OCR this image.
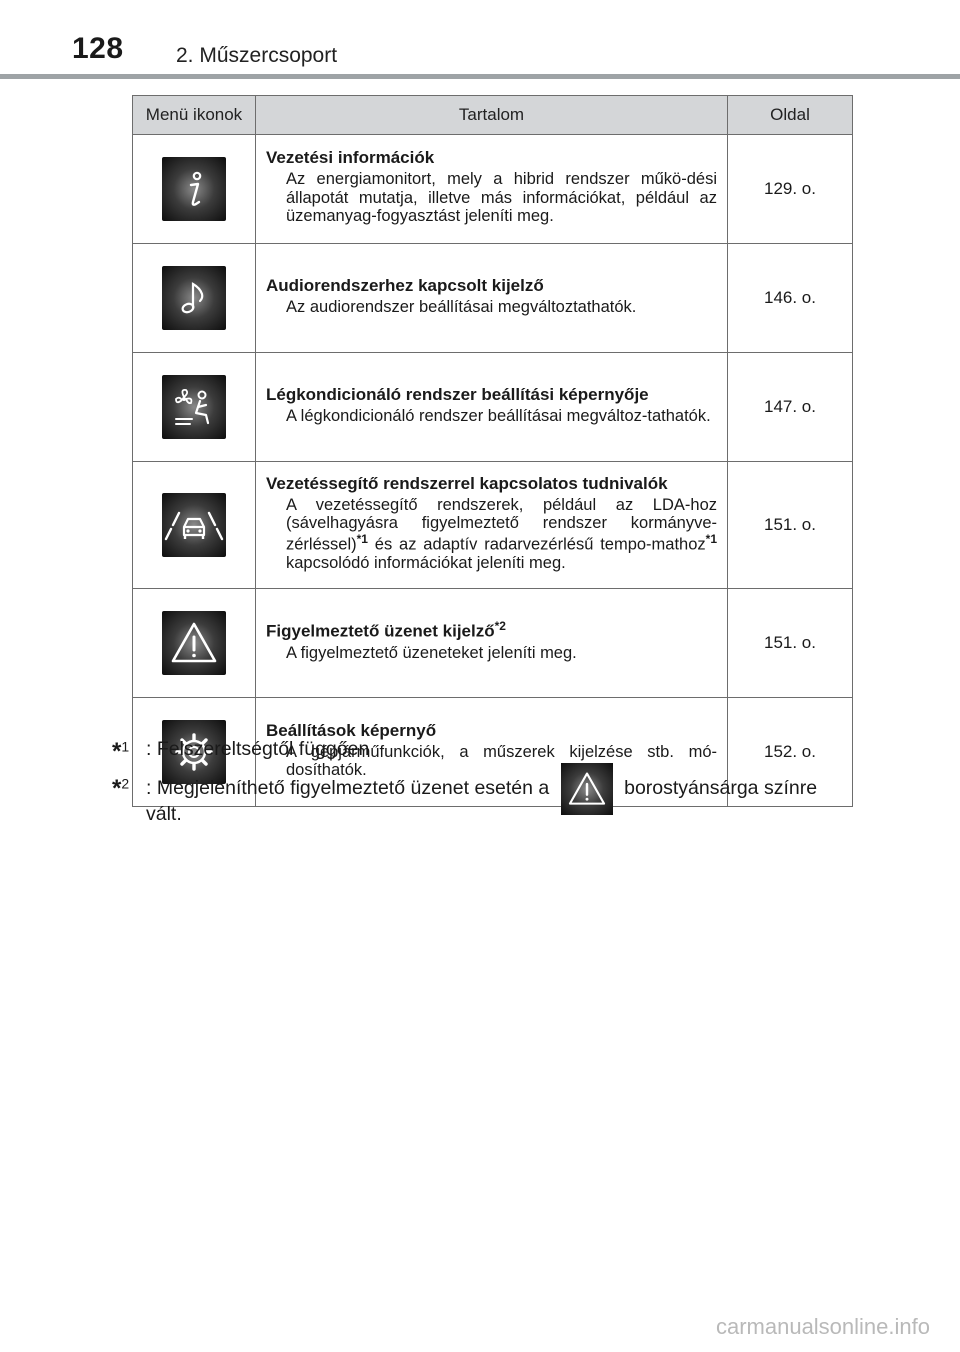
128 2. Műszercsoport
Menü ikonok	Tartalom	Oldal

Vezetési információk
Az energiamonitort, mely a hibrid rendszer műkö-dési állapotát mutatja, illetve más információkat, például az üzemanyag-fogyasztást jeleníti meg.	129. o.

Audiorendszerhez kapcsolt kijelző
Az audiorendszer beállításai megváltoztathatók.	146. o.

Légkondicionáló rendszer beállítási képernyője
A légkondicionáló rendszer beállításai megváltoz-tathatók.	147. o.

Vezetéssegítő rendszerrel kapcsolatos tudnivalók
A vezetéssegítő rendszerek, például az LDA-hoz (sávelhagyásra figyelmeztető rendszer kormányve-zérléssel)$^{*1}$ és az adaptív radarvezérlésű tempo-mathoz$^{*1}$ kapcsolódó információkat jeleníti meg.	151. o.

Figyelmeztető üzenet kijelző$^{*2}$
A figyelmeztető üzeneteket jeleníti meg.	151. o.

Beállítások képernyő
A gépjárműfunkciók, a műszerek kijelzése stb. mó-dosíthatók.	152. o.
*$^1$ : Felszereltségtől függően
*$^2$ : Megjeleníthető figyelmeztető üzenet esetén a	borostyánsárga színre vált.
carmanualsonline.info
